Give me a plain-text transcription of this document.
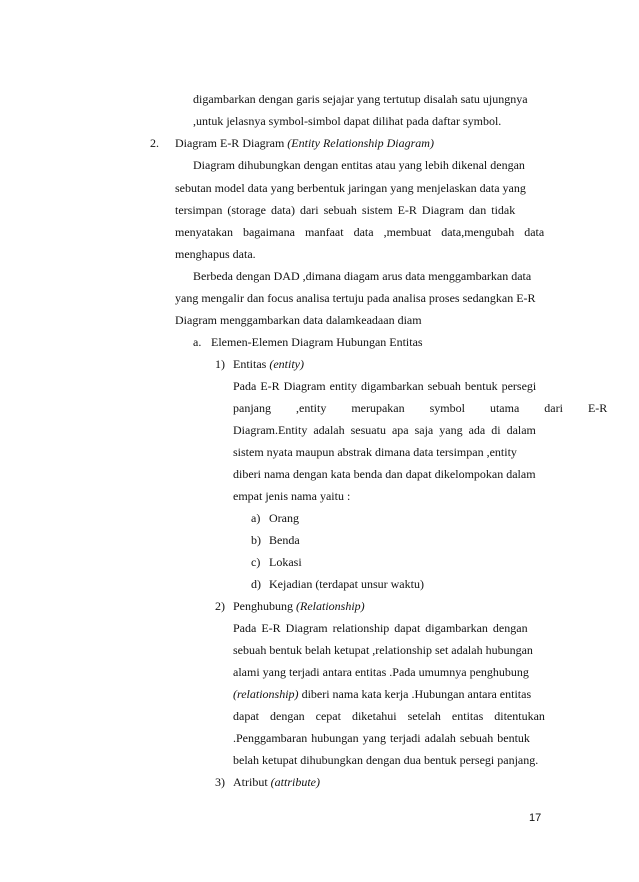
digambarkan dengan garis sejajar yang tertutup disalah satu ujungnya
,untuk jelasnya symbol-simbol dapat dilihat pada daftar symbol.
2. Diagram E-R Diagram (Entity Relationship Diagram)
Diagram dihubungkan dengan entitas atau yang lebih dikenal dengan
sebutan model data yang berbentuk jaringan yang menjelaskan data yang
tersimpan (storage data) dari sebuah sistem E-R Diagram dan tidak
menyatakan bagaimana manfaat data ,membuat data,mengubah data
menghapus data.
Berbeda dengan DAD ,dimana diagam arus data menggambarkan data
yang mengalir dan focus analisa tertuju pada analisa proses sedangkan E-R
Diagram menggambarkan data dalamkeadaan diam
a. Elemen-Elemen Diagram Hubungan Entitas
1) Entitas (entity)
Pada E-R Diagram entity digambarkan sebuah bentuk persegi
panjang ,entity merupakan symbol utama dari E-R
Diagram.Entity adalah sesuatu apa saja yang ada di dalam
sistem nyata maupun abstrak dimana data tersimpan ,entity
diberi nama dengan kata benda dan dapat dikelompokan dalam
empat jenis nama yaitu :
a) Orang
b) Benda
c) Lokasi
d) Kejadian (terdapat unsur waktu)
2) Penghubung (Relationship)
Pada E-R Diagram relationship dapat digambarkan dengan
sebuah bentuk belah ketupat ,relationship set adalah hubungan
alami yang terjadi antara entitas .Pada umumnya penghubung
(relationship) diberi nama kata kerja .Hubungan antara entitas
dapat dengan cepat diketahui setelah entitas ditentukan
.Penggambaran hubungan yang terjadi adalah sebuah bentuk
belah ketupat dihubungkan dengan dua bentuk persegi panjang.
3) Atribut (attribute)
17
